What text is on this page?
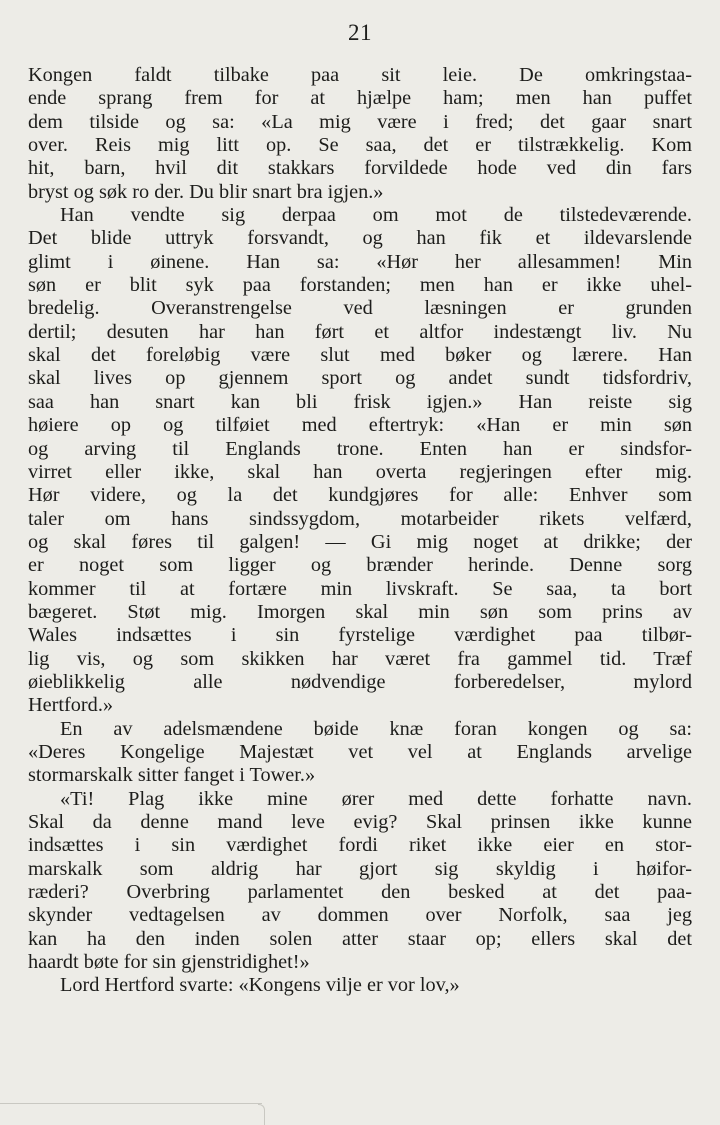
21
Kongen faldt tilbake paa sit leie. De omkringstaa-
ende sprang frem for at hjælpe ham; men han puffet
dem tilside og sa: «La mig være i fred; det gaar snart
over. Reis mig litt op. Se saa, det er tilstrækkelig. Kom
hit, barn, hvil dit stakkars forvildede hode ved din fars
bryst og søk ro der. Du blir snart bra igjen.»
Han vendte sig derpaa om mot de tilstedeværende.
Det blide uttryk forsvandt, og han fik et ildevarslende
glimt i øinene. Han sa: «Hør her allesammen! Min
søn er blit syk paa forstanden; men han er ikke uhel-
bredelig. Overanstrengelse ved læsningen er grunden
dertil; desuten har han ført et altfor indestængt liv. Nu
skal det foreløbig være slut med bøker og lærere. Han
skal lives op gjennem sport og andet sundt tidsfordriv,
saa han snart kan bli frisk igjen.» Han reiste sig
høiere op og tilføiet med eftertryk: «Han er min søn
og arving til Englands trone. Enten han er sindsfor-
virret eller ikke, skal han overta regjeringen efter mig.
Hør videre, og la det kundgjøres for alle: Enhver som
taler om hans sindssygdom, motarbeider rikets velfærd,
og skal føres til galgen! — Gi mig noget at drikke; der
er noget som ligger og brænder herinde. Denne sorg
kommer til at fortære min livskraft. Se saa, ta bort
bægeret. Støt mig. Imorgen skal min søn som prins av
Wales indsættes i sin fyrstelige værdighet paa tilbør-
lig vis, og som skikken har været fra gammel tid. Træf
øieblikkelig alle nødvendige forberedelser, mylord
Hertford.»
En av adelsmændene bøide knæ foran kongen og sa:
«Deres Kongelige Majestæt vet vel at Englands arvelige
stormarskalk sitter fanget i Tower.»
«Ti! Plag ikke mine ører med dette forhatte navn.
Skal da denne mand leve evig? Skal prinsen ikke kunne
indsættes i sin værdighet fordi riket ikke eier en stor-
marskalk som aldrig har gjort sig skyldig i høifor-
ræderi? Overbring parlamentet den besked at det paa-
skynder vedtagelsen av dommen over Norfolk, saa jeg
kan ha den inden solen atter staar op; ellers skal det
haardt bøte for sin gjenstridighet!»
Lord Hertford svarte: «Kongens vilje er vor lov,»
